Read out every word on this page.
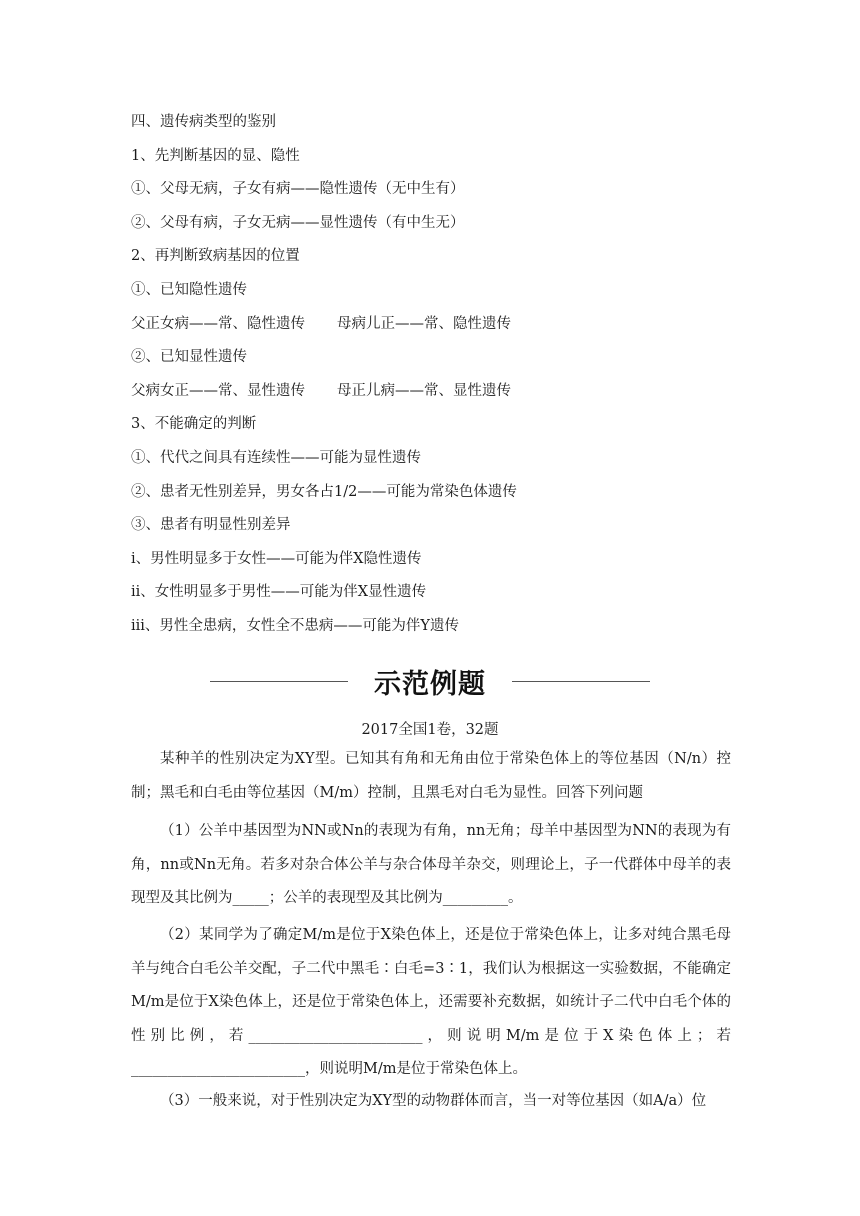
四、遗传病类型的鉴别
1、先判断基因的显、隐性
①、父母无病，子女有病——隐性遗传（无中生有）
②、父母有病，子女无病——显性遗传（有中生无）
2、再判断致病基因的位置
①、已知隐性遗传
父正女病——常、隐性遗传 母病儿正——常、隐性遗传
②、已知显性遗传
父病女正——常、显性遗传 母正儿病——常、显性遗传
3、不能确定的判断
①、代代之间具有连续性——可能为显性遗传
②、患者无性别差异，男女各占1/2——可能为常染色体遗传
③、患者有明显性别差异
i、男性明显多于女性——可能为伴X隐性遗传
ii、女性明显多于男性——可能为伴X显性遗传
iii、男性全患病，女性全不患病——可能为伴Y遗传
示范例题
2017全国1卷，32题

某种羊的性别决定为XY型。已知其有角和无角由位于常染色体上的等位基因（N/n）控制；黑毛和白毛由等位基因（M/m）控制，且黑毛对白毛为显性。回答下列问题

（1）公羊中基因型为NN或Nn的表现为有角，nn无角；母羊中基因型为NN的表现为有角，nn或Nn无角。若多对杂合体公羊与杂合体母羊杂交，则理论上，子一代群体中母羊的表现型及其比例为_____；公羊的表现型及其比例为_________。

（2）某同学为了确定M/m是位于X染色体上，还是位于常染色体上，让多对纯合黑毛母羊与纯合白毛公羊交配，子二代中黑毛∶白毛=3∶1，我们认为根据这一实验数据，不能确定M/m是位于X染色体上，还是位于常染色体上，还需要补充数据，如统计子二代中白毛个体的性别比例，若________________________，则说明M/m是位于X染色体上；若________________________，则说明M/m是位于常染色体上。

（3）一般来说，对于性别决定为XY型的动物群体而言，当一对等位基因（如A/a）位
